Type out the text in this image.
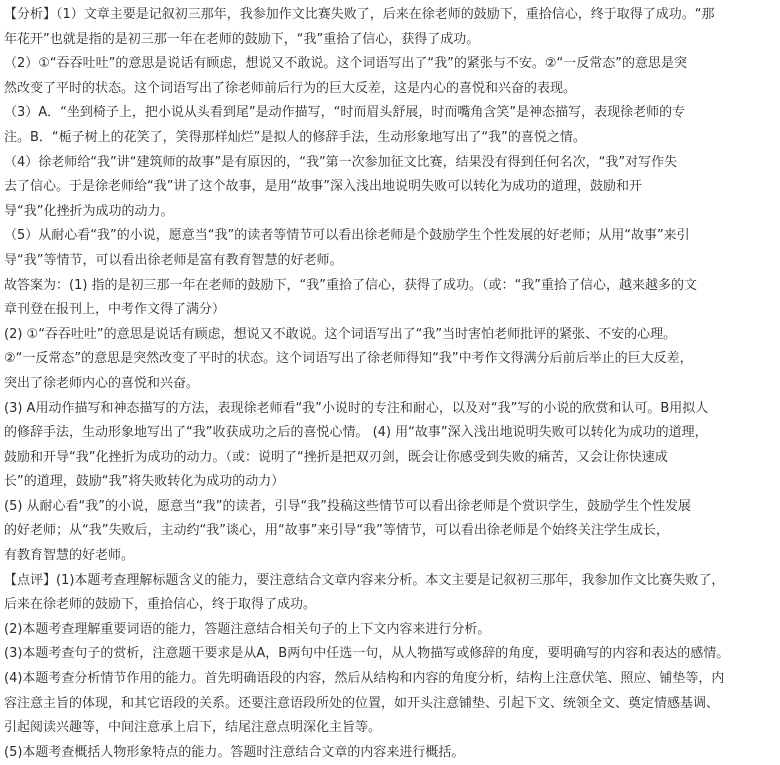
【分析】（1）文章主要是记叙初三那年，我参加作文比赛失败了，后来在徐老师的鼓励下，重拾信心，终于取得了成功。“那
年花开”也就是指的是初三那一年在老师的鼓励下，“我”重拾了信心，获得了成功。
（2）①“吞吞吐吐”的意思是说话有顾虑，想说又不敢说。这个词语写出了“我”的紧张与不安。②“一反常态”的意思是突
然改变了平时的状态。这个词语写出了徐老师前后行为的巨大反差，这是内心的喜悦和兴奋的表现。
（3）A．“坐到椅子上，把小说从头看到尾”是动作描写，“时而眉头舒展，时而嘴角含笑”是神态描写，表现徐老师的专
注。B．“栀子树上的花笑了，笑得那样灿烂”是拟人的修辞手法，生动形象地写出了“我”的喜悦之情。
（4）徐老师给“我”讲“建筑师的故事”是有原因的，“我”第一次参加征文比赛，结果没有得到任何名次，“我”对写作失
去了信心。于是徐老师给“我”讲了这个故事，是用“故事”深入浅出地说明失败可以转化为成功的道理，鼓励和开
导“我”化挫折为成功的动力。
（5）从耐心看“我”的小说，愿意当“我”的读者等情节可以看出徐老师是个鼓励学生个性发展的好老师；从用“故事”来引
导“我”等情节，可以看出徐老师是富有教育智慧的好老师。
故答案为：(1) 指的是初三那一年在老师的鼓励下，“我”重拾了信心，获得了成功。（或：“我”重拾了信心，越来越多的文
章刊登在报刊上，中考作文得了满分）
(2) ①“吞吞吐吐”的意思是说话有顾虑，想说又不敢说。这个词语写出了“我”当时害怕老师批评的紧张、不安的心理。
②“一反常态”的意思是突然改变了平时的状态。这个词语写出了徐老师得知“我”中考作文得满分后前后举止的巨大反差，
突出了徐老师内心的喜悦和兴奋。
(3) A用动作描写和神态描写的方法，表现徐老师看“我”小说时的专注和耐心，以及对“我”写的小说的欣赏和认可。B用拟人
的修辞手法，生动形象地写出了“我”收获成功之后的喜悦心情。 (4) 用“故事”深入浅出地说明失败可以转化为成功的道理，
鼓励和开导“我”化挫折为成功的动力。（或：说明了“挫折是把双刃剑，既会让你感受到失败的痛苦，又会让你快速成
长”的道理，鼓励“我”将失败转化为成功的动力）
(5) 从耐心看“我”的小说，愿意当“我”的读者，引导“我”投稿这些情节可以看出徐老师是个赏识学生，鼓励学生个性发展
的好老师；从“我”失败后，主动约“我”谈心，用“故事”来引导“我”等情节，可以看出徐老师是个始终关注学生成长，
有教育智慧的好老师。
【点评】(1)本题考查理解标题含义的能力，要注意结合文章内容来分析。本文主要是记叙初三那年，我参加作文比赛失败了，
后来在徐老师的鼓励下，重拾信心，终于取得了成功。
(2)本题考查理解重要词语的能力，答题注意结合相关句子的上下文内容来进行分析。
(3)本题考查句子的赏析，注意题干要求是从A，B两句中任选一句，从人物描写或修辞的角度，要明确写的内容和表达的感情。
(4)本题考查分析情节作用的能力。首先明确语段的内容，然后从结构和内容的角度分析，结构上注意伏笔、照应、铺垫等，内
容注意主旨的体现，和其它语段的关系。还要注意语段所处的位置，如开头注意铺垫、引起下文、统领全文、奠定情感基调、
引起阅读兴趣等，中间注意承上启下，结尾注意点明深化主旨等。
(5)本题考查概括人物形象特点的能力。答题时注意结合文章的内容来进行概括。
